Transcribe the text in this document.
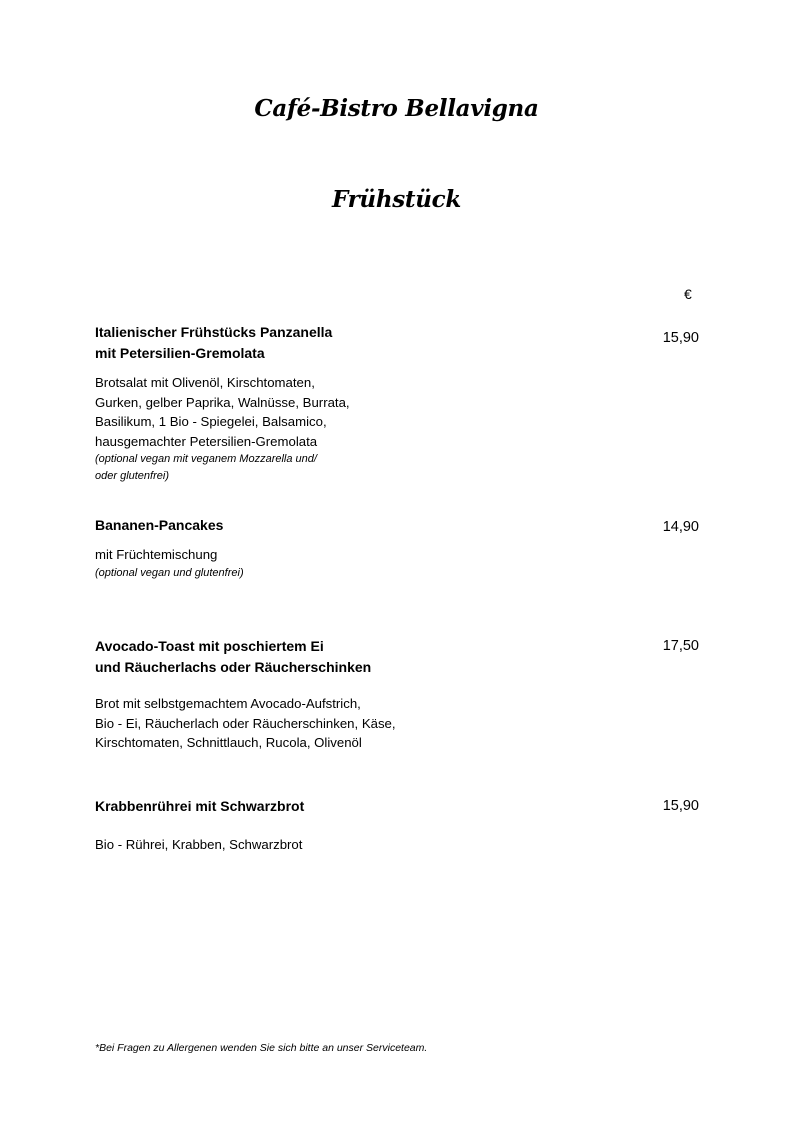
Café-Bistro Bellavigna
Frühstück
€
Italienischer Frühstücks Panzanella
mit Petersilien-Gremolata
15,90
Brotsalat mit Olivenöl, Kirschtomaten,
Gurken, gelber Paprika, Walnüsse, Burrata,
Basilikum, 1 Bio - Spiegelei, Balsamico,
hausgemachter Petersilien-Gremolata
(optional vegan mit veganem Mozzarella und/
oder glutenfrei)
Bananen-Pancakes	14,90
mit Früchtemischung
(optional vegan und glutenfrei)
Avocado-Toast mit poschiertem Ei
und Räucherlachs oder Räucherschinken
17,50
Brot mit selbstgemachtem Avocado-Aufstrich,
Bio - Ei, Räucherlach oder Räucherschinken, Käse,
Kirschtomaten, Schnittlauch, Rucola, Olivenöl
Krabbenrührei mit Schwarzbrot	15,90
Bio - Rührei, Krabben, Schwarzbrot
*Bei Fragen zu Allergenen wenden Sie sich bitte an unser Serviceteam.
